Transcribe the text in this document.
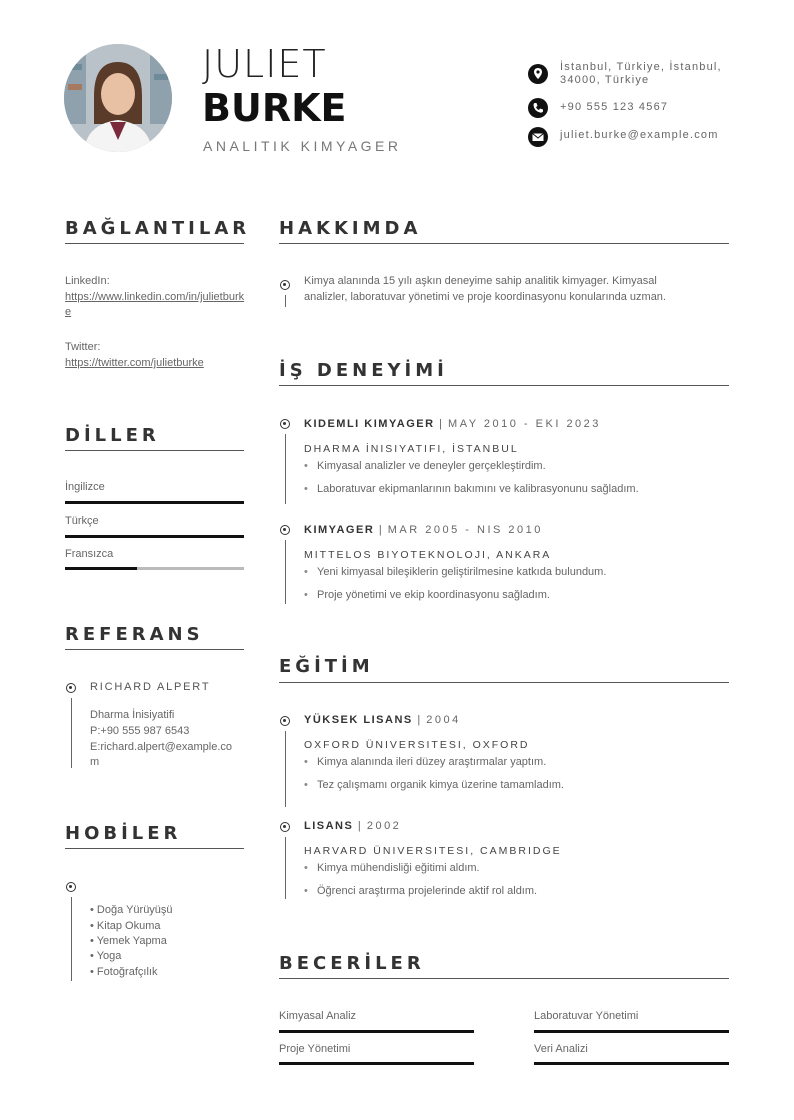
JULIET
BURKE
ANALITIK KIMYAGER
İstanbul, Türkiye, İstanbul, 34000, Türkiye
+90 555 123 4567
juliet.burke@example.com
BAĞLANTILAR
LinkedIn:
https://www.linkedin.com/in/julietburke
Twitter:
https://twitter.com/julietburke
DİLLER
İngilizce
Türkçe
Fransızca
REFERANS
RICHARD ALPERT
Dharma İnisiyatifi
P:+90 555 987 6543
E:richard.alpert@example.com
HOBİLER
• Doğa Yürüyüşü
• Kitap Okuma
• Yemek Yapma
• Yoga
• Fotoğrafçılık
HAKKIMDA
Kimya alanında 15 yılı aşkın deneyime sahip analitik kimyager. Kimyasal
analizler, laboratuvar yönetimi ve proje koordinasyonu konularında uzman.
İŞ DENEYİMİ
KIDEMLI KIMYAGER | MAY 2010 - EKI 2023
DHARMA İNISIYATIFI, İSTANBUL
• Kimyasal analizler ve deneyler gerçekleştirdim.
• Laboratuvar ekipmanlarının bakımını ve kalibrasyonunu sağladım.
KIMYAGER | MAR 2005 - NIS 2010
MITTELOS BIYOTEKNOLOJI, ANKARA
• Yeni kimyasal bileşiklerin geliştirilmesine katkıda bulundum.
• Proje yönetimi ve ekip koordinasyonu sağladım.
EĞİTİM
YÜKSEK LISANS | 2004
OXFORD ÜNIVERSITESI, OXFORD
• Kimya alanında ileri düzey araştırmalar yaptım.
• Tez çalışmamı organik kimya üzerine tamamladım.
LISANS | 2002
HARVARD ÜNIVERSITESI, CAMBRIDGE
• Kimya mühendisliği eğitimi aldım.
• Öğrenci araştırma projelerinde aktif rol aldım.
BECERİLER
Kimyasal Analiz	Laboratuvar Yönetimi
Proje Yönetimi	Veri Analizi
